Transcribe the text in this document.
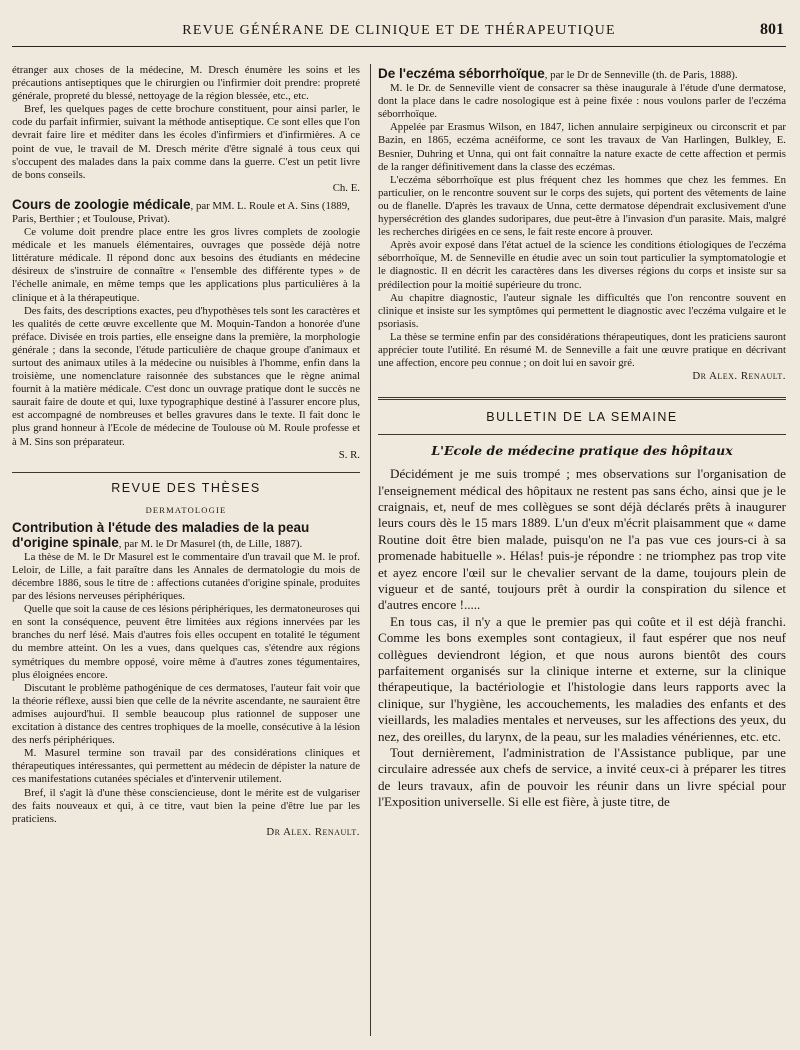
REVUE GÉNÉRANE DE CLINIQUE ET DE THÉRAPEUTIQUE	801

étranger aux choses de la médecine, M. Dresch énumère les soins et les précautions antiseptiques que le chirurgien ou l'infirmier doit prendre: propreté générale, propreté du blessé, nettoyage de la région blessée, etc., etc.

Bref, les quelques pages de cette brochure constituent, pour ainsi parler, le code du parfait infirmier, suivant la méthode antiseptique. Ce sont elles que l'on devrait faire lire et méditer dans les écoles d'infirmiers et d'infirmières. A ce point de vue, le travail de M. Dresch mérite d'être signalé à tous ceux qui s'occupent des malades dans la paix comme dans la guerre. C'est un petit livre de bons conseils.

Ch. E.

Cours de zoologie médicale, par MM. L. Roule et A. Sins (1889, Paris, Berthier ; et Toulouse, Privat).

Ce volume doit prendre place entre les gros livres complets de zoologie médicale et les manuels élémentaires, ouvrages que possède déjà notre littérature médicale. Il répond donc aux besoins des étudiants en médecine désireux de s'instruire de connaître « l'ensemble des différente types » de l'échelle animale, en même temps que les applications plus particulières à la clinique et à la thérapeutique.

Des faits, des descriptions exactes, peu d'hypothèses tels sont les caractères et les qualités de cette œuvre excellente que M. Moquin-Tandon a honorée d'une préface. Divisée en trois parties, elle enseigne dans la première, la morphologie générale ; dans la seconde, l'étude particulière de chaque groupe d'animaux et surtout des animaux utiles à la médecine ou nuisibles à l'homme, enfin dans la troisième, une nomenclature raisonnée des substances que le règne animal fournit à la matière médicale. C'est donc un ouvrage pratique dont le succès ne saurait faire de doute et qui, luxe typographique destiné à l'assurer encore plus, est accompagné de nombreuses et belles gravures dans le texte. Il fait donc le plus grand honneur à l'Ecole de médecine de Toulouse où M. Roule professe et à M. Sins son préparateur.

S. R.

REVUE DES THÈSES
DERMATOLOGIE

Contribution à l'étude des maladies de la peau d'origine spinale, par M. le Dr Masurel (th, de Lille, 1887).

La thèse de M. le Dr Masurel est le commentaire d'un travail que M. le prof. Leloir, de Lille, a fait paraître dans les Annales de dermatologie du mois de décembre 1886, sous le titre de : affections cutanées d'origine spinale, produites par des lésions nerveuses périphériques.

Quelle que soit la cause de ces lésions périphériques, les dermatoneuroses qui en sont la conséquence, peuvent être limitées aux régions innervées par les branches du nerf lésé. Mais d'autres fois elles occupent en totalité le tégument du membre atteint. On les a vues, dans quelques cas, s'étendre aux régions symétriques du membre opposé, voire même à d'autres zones tégumentaires, plus éloignées encore.

Discutant le problème pathogénique de ces dermatoses, l'auteur fait voir que la théorie réflexe, aussi bien que celle de la névrite ascendante, ne sauraient être admises aujourd'hui. Il semble beaucoup plus rationnel de supposer une excitation à distance des centres trophiques de la moelle, consécutive à la lésion des nerfs périphériques.

M. Masurel termine son travail par des considérations cliniques et thérapeutiques intéressantes, qui permettent au médecin de dépister la nature de ces manifestations cutanées spéciales et d'intervenir utilement.

Bref, il s'agit là d'une thèse consciencieuse, dont le mérite est de vulgariser des faits nouveaux et qui, à ce titre, vaut bien la peine d'être lue par les praticiens.

Dr Alex. Renault.

De l'eczéma séborrhoïque, par le Dr de Senneville (th. de Paris, 1888).

M. le Dr. de Senneville vient de consacrer sa thèse inaugurale à l'étude d'une dermatose, dont la place dans le cadre nosologique est à peine fixée : nous voulons parler de l'eczéma séborrhoïque.

Appelée par Erasmus Wilson, en 1847, lichen annulaire serpigineux ou circonscrit et par Bazin, en 1865, eczéma acnéiforme, ce sont les travaux de Van Harlingen, Bulkley, E. Besnier, Duhring et Unna, qui ont fait connaître la nature exacte de cette affection et permis de la ranger définitivement dans la classe des eczémas.

L'eczéma séborrhoïque est plus fréquent chez les hommes que chez les femmes. En particulier, on le rencontre souvent sur le corps des sujets, qui portent des vêtements de laine ou de flanelle. D'après les travaux de Unna, cette dermatose dépendrait exclusivement d'une hypersécrétion des glandes sudoripares, due peut-être à l'invasion d'un parasite. Mais, malgré les recherches dirigées en ce sens, le fait reste encore à prouver.

Après avoir exposé dans l'état actuel de la science les conditions étiologiques de l'eczéma séborrhoïque, M. de Senneville en étudie avec un soin tout particulier la symptomatologie et le diagnostic. Il en décrit les caractères dans les diverses régions du corps et insiste sur sa prédilection pour la moitié supérieure du tronc.

Au chapitre diagnostic, l'auteur signale les difficultés que l'on rencontre souvent en clinique et insiste sur les symptômes qui permettent le diagnostic avec l'eczéma vulgaire et le psoriasis.

La thèse se termine enfin par des considérations thérapeutiques, dont les praticiens sauront apprécier toute l'utilité. En résumé M. de Senneville a fait une œuvre pratique en décrivant une affection, encore peu connue ; on doit lui en savoir gré.

Dr Alex. Renault.

BULLETIN DE LA SEMAINE
L'Ecole de médecine pratique des hôpitaux

Décidément je me suis trompé ; mes observations sur l'organisation de l'enseignement médical des hôpitaux ne restent pas sans écho, ainsi que je le craignais, et, neuf de mes collègues se sont déjà déclarés prêts à inaugurer leurs cours dès le 15 mars 1889. L'un d'eux m'écrit plaisamment que « dame Routine doit être bien malade, puisqu'on ne l'a pas vue ces jours-ci à sa promenade habituelle ». Hélas! puis-je répondre : ne triomphez pas trop vite et ayez encore l'œil sur le chevalier servant de la dame, toujours plein de vigueur et de santé, toujours prêt à ourdir la conspiration du silence et d'autres encore !.....

En tous cas, il n'y a que le premier pas qui coûte et il est déjà franchi. Comme les bons exemples sont contagieux, il faut espérer que nos neuf collègues deviendront légion, et que nous aurons bientôt des cours parfaitement organisés sur la clinique interne et externe, sur la clinique thérapeutique, la bactériologie et l'histologie dans leurs rapports avec la clinique, sur l'hygiène, les accouchements, les maladies des enfants et des vieillards, les maladies mentales et nerveuses, sur les affections des yeux, du nez, des oreilles, du larynx, de la peau, sur les maladies vénériennes, etc. etc.

Tout dernièrement, l'administration de l'Assistance publique, par une circulaire adressée aux chefs de service, a invité ceux-ci à préparer les titres de leurs travaux, afin de pouvoir les réunir dans un livre spécial pour l'Exposition universelle. Si elle est fière, à juste titre, de
